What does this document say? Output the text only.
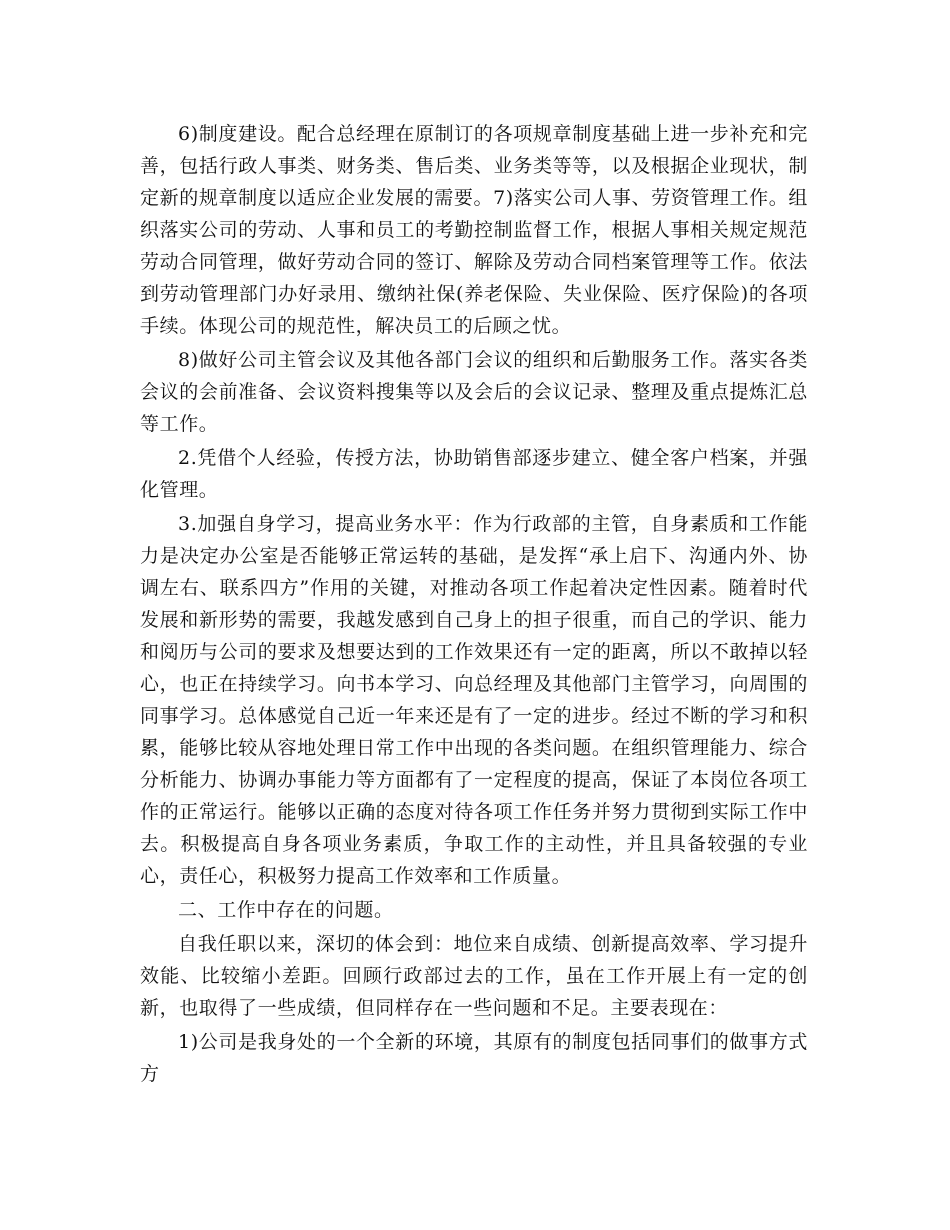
6)制度建设。配合总经理在原制订的各项规章制度基础上进一步补充和完善，包括行政人事类、财务类、售后类、业务类等等，以及根据企业现状，制定新的规章制度以适应企业发展的需要。7)落实公司人事、劳资管理工作。组织落实公司的劳动、人事和员工的考勤控制监督工作，根据人事相关规定规范劳动合同管理，做好劳动合同的签订、解除及劳动合同档案管理等工作。依法到劳动管理部门办好录用、缴纳社保(养老保险、失业保险、医疗保险)的各项手续。体现公司的规范性，解决员工的后顾之忧。

8)做好公司主管会议及其他各部门会议的组织和后勤服务工作。落实各类会议的会前准备、会议资料搜集等以及会后的会议记录、整理及重点提炼汇总等工作。

2.凭借个人经验，传授方法，协助销售部逐步建立、健全客户档案，并强化管理。

3.加强自身学习，提高业务水平：作为行政部的主管，自身素质和工作能力是决定办公室是否能够正常运转的基础，是发挥“承上启下、沟通内外、协调左右、联系四方”作用的关键，对推动各项工作起着决定性因素。随着时代发展和新形势的需要，我越发感到自己身上的担子很重，而自己的学识、能力和阅历与公司的要求及想要达到的工作效果还有一定的距离，所以不敢掉以轻心，也正在持续学习。向书本学习、向总经理及其他部门主管学习，向周围的同事学习。总体感觉自己近一年来还是有了一定的进步。经过不断的学习和积累，能够比较从容地处理日常工作中出现的各类问题。在组织管理能力、综合分析能力、协调办事能力等方面都有了一定程度的提高，保证了本岗位各项工作的正常运行。能够以正确的态度对待各项工作任务并努力贯彻到实际工作中去。积极提高自身各项业务素质，争取工作的主动性，并且具备较强的专业心，责任心，积极努力提高工作效率和工作质量。

二、工作中存在的问题。

自我任职以来，深切的体会到：地位来自成绩、创新提高效率、学习提升效能、比较缩小差距。回顾行政部过去的工作，虽在工作开展上有一定的创新，也取得了一些成绩，但同样存在一些问题和不足。主要表现在：

1)公司是我身处的一个全新的环境，其原有的制度包括同事们的做事方式方
